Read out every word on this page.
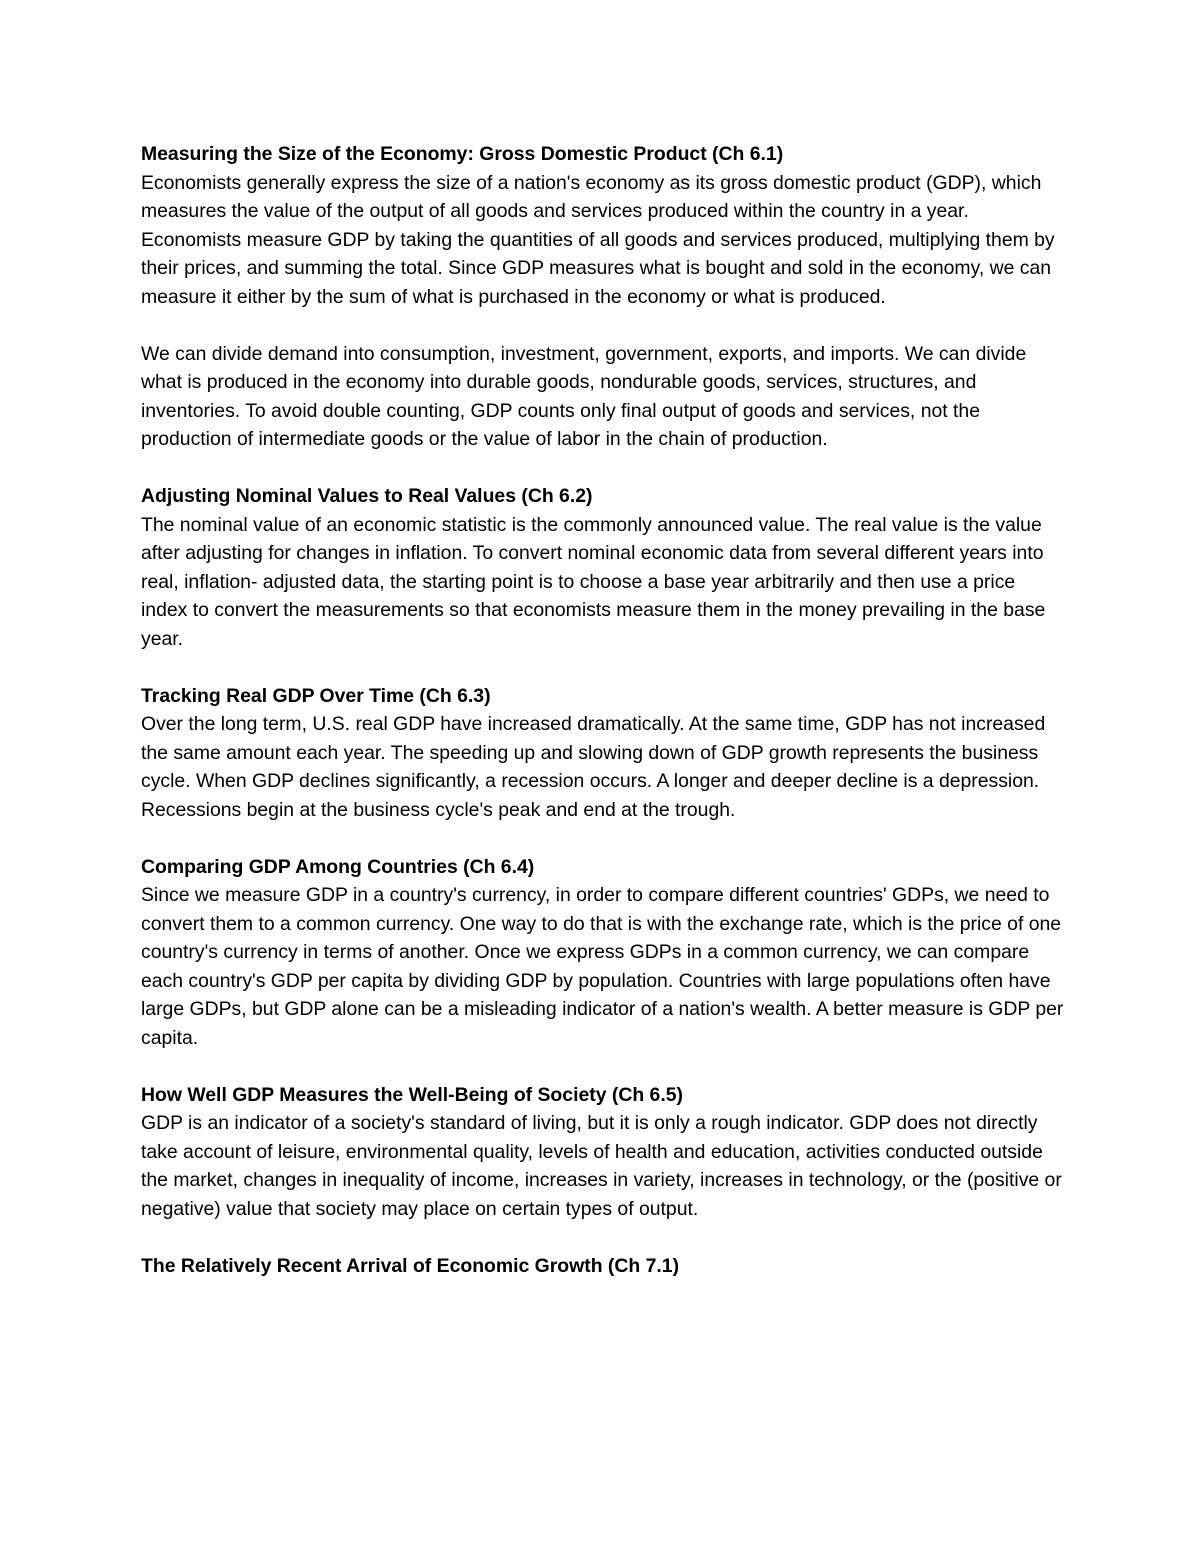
Measuring the Size of the Economy: Gross Domestic Product (Ch 6.1)

Economists generally express the size of a nation's economy as its gross domestic product (GDP), which measures the value of the output of all goods and services produced within the country in a year. Economists measure GDP by taking the quantities of all goods and services produced, multiplying them by their prices, and summing the total. Since GDP measures what is bought and sold in the economy, we can measure it either by the sum of what is purchased in the economy or what is produced.

We can divide demand into consumption, investment, government, exports, and imports. We can divide what is produced in the economy into durable goods, nondurable goods, services, structures, and inventories. To avoid double counting, GDP counts only final output of goods and services, not the production of intermediate goods or the value of labor in the chain of production.

Adjusting Nominal Values to Real Values (Ch 6.2)

The nominal value of an economic statistic is the commonly announced value. The real value is the value after adjusting for changes in inflation. To convert nominal economic data from several different years into real, inflation- adjusted data, the starting point is to choose a base year arbitrarily and then use a price index to convert the measurements so that economists measure them in the money prevailing in the base year.

Tracking Real GDP Over Time (Ch 6.3)

Over the long term, U.S. real GDP have increased dramatically. At the same time, GDP has not increased the same amount each year. The speeding up and slowing down of GDP growth represents the business cycle. When GDP declines significantly, a recession occurs. A longer and deeper decline is a depression. Recessions begin at the business cycle's peak and end at the trough.

Comparing GDP Among Countries (Ch 6.4)

Since we measure GDP in a country's currency, in order to compare different countries' GDPs, we need to convert them to a common currency. One way to do that is with the exchange rate, which is the price of one country's currency in terms of another. Once we express GDPs in a common currency, we can compare each country's GDP per capita by dividing GDP by population. Countries with large populations often have large GDPs, but GDP alone can be a misleading indicator of a nation's wealth. A better measure is GDP per capita.

How Well GDP Measures the Well-Being of Society (Ch 6.5)

GDP is an indicator of a society's standard of living, but it is only a rough indicator. GDP does not directly take account of leisure, environmental quality, levels of health and education, activities conducted outside the market, changes in inequality of income, increases in variety, increases in technology, or the (positive or negative) value that society may place on certain types of output.

The Relatively Recent Arrival of Economic Growth (Ch 7.1)
